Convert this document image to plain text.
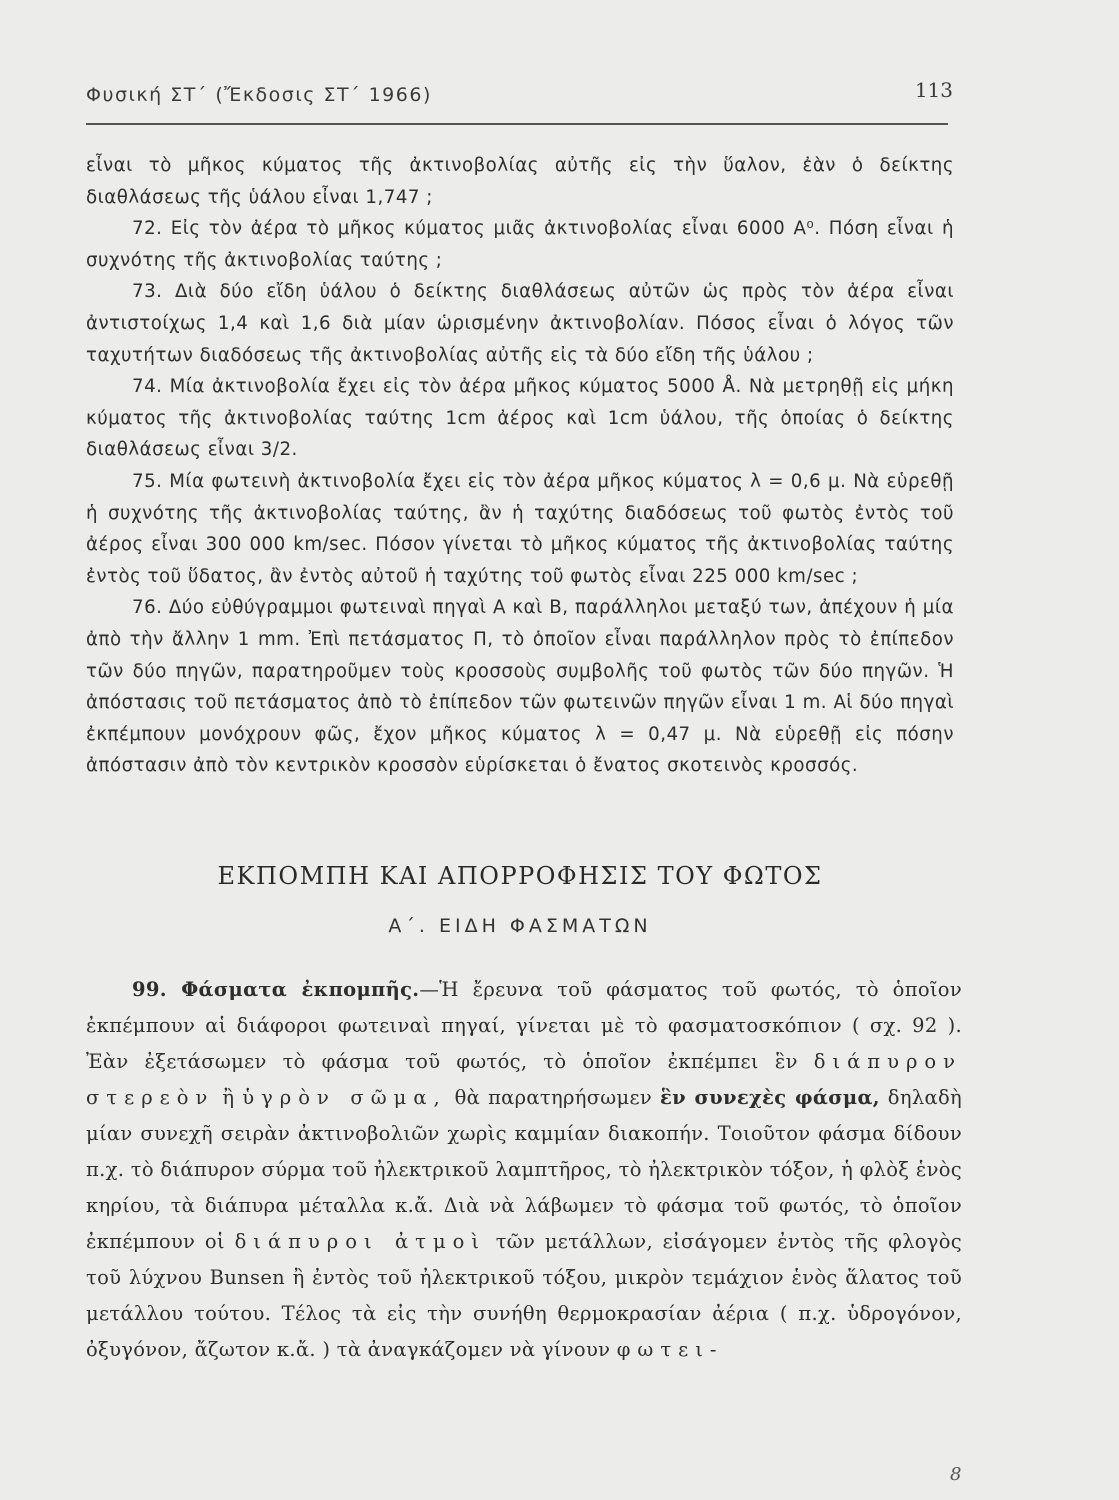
Φυσική ΣΤ΄ (Ἔκδοσις ΣΤ΄ 1966)	113

εἶναι τὸ μῆκος κύματος τῆς ἀκτινοβολίας αὐτῆς εἰς τὴν ὕαλον, ἐὰν ὁ δείκτης διαθλάσεως τῆς ὑάλου εἶναι 1,747 ;

72. Εἰς τὸν ἀέρα τὸ μῆκος κύματος μιᾶς ἀκτινοβολίας εἶναι 6000 Α⁰. Πόση εἶναι ἡ συχνότης τῆς ἀκτινοβολίας ταύτης ;

73. Διὰ δύο εἴδη ὑάλου ὁ δείκτης διαθλάσεως αὐτῶν ὡς πρὸς τὸν ἀέρα εἶναι ἀντιστοίχως 1,4 καὶ 1,6 διὰ μίαν ὡρισμένην ἀκτινοβολίαν. Πόσος εἶναι ὁ λόγος τῶν ταχυτήτων διαδόσεως τῆς ἀκτινοβολίας αὐτῆς εἰς τὰ δύο εἴδη τῆς ὑάλου ;

74. Μία ἀκτινοβολία ἔχει εἰς τὸν ἀέρα μῆκος κύματος 5000 Å. Νὰ μετρηθῇ εἰς μήκη κύματος τῆς ἀκτινοβολίας ταύτης 1cm ἀέρος καὶ 1cm ὑάλου, τῆς ὁποίας ὁ δείκτης διαθλάσεως εἶναι 3/2.

75. Μία φωτεινὴ ἀκτινοβολία ἔχει εἰς τὸν ἀέρα μῆκος κύματος λ = 0,6 μ. Νὰ εὑρεθῇ ἡ συχνότης τῆς ἀκτινοβολίας ταύτης, ἂν ἡ ταχύτης διαδόσεως τοῦ φωτὸς ἐντὸς τοῦ ἀέρος εἶναι 300 000 km/sec. Πόσον γίνεται τὸ μῆκος κύματος τῆς ἀκτινοβολίας ταύτης ἐντὸς τοῦ ὕδατος, ἂν ἐντὸς αὐτοῦ ἡ ταχύτης τοῦ φωτὸς εἶναι 225 000 km/sec ;

76. Δύο εὐθύγραμμοι φωτειναὶ πηγαὶ Α καὶ Β, παράλληλοι μεταξύ των, ἀπέχουν ἡ μία ἀπὸ τὴν ἄλλην 1 mm. Ἐπὶ πετάσματος Π, τὸ ὁποῖον εἶναι παράλληλον πρὸς τὸ ἐπίπεδον τῶν δύο πηγῶν, παρατηροῦμεν τοὺς κροσσοὺς συμβολῆς τοῦ φωτὸς τῶν δύο πηγῶν. Ἡ ἀπόστασις τοῦ πετάσματος ἀπὸ τὸ ἐπίπεδον τῶν φωτεινῶν πηγῶν εἶναι 1 m. Αἱ δύο πηγαὶ ἐκπέμπουν μονόχρουν φῶς, ἔχον μῆκος κύματος λ = 0,47 μ. Νὰ εὑρεθῇ εἰς πόσην ἀπόστασιν ἀπὸ τὸν κεντρικὸν κροσσὸν εὑρίσκεται ὁ ἔνατος σκοτεινὸς κροσσός.

ΕΚΠΟΜΠΗ ΚΑΙ ΑΠΟΡΡΟΦΗΣΙΣ ΤΟΥ ΦΩΤΟΣ
Α΄. ΕΙΔΗ ΦΑΣΜΑΤΩΝ

99. Φάσματα ἐκπομπῆς.—Ἡ ἔρευνα τοῦ φάσματος τοῦ φωτός, τὸ ὁποῖον ἐκπέμπουν αἱ διάφοροι φωτειναὶ πηγαί, γίνεται μὲ τὸ φασματοσκόπιον ( σχ. 92 ). Ἐὰν ἐξετάσωμεν τὸ φάσμα τοῦ φωτός, τὸ ὁποῖον ἐκπέμπει ἓν διάπυρον στερεὸν ἢ ὑγρὸν σῶμα, θὰ παρατηρήσωμεν ἓν συνεχὲς φάσμα, δηλαδὴ μίαν συνεχῆ σειρὰν ἀκτινοβολιῶν χωρὶς καμμίαν διακοπήν. Τοιοῦτον φάσμα δίδουν π.χ. τὸ διάπυρον σύρμα τοῦ ἠλεκτρικοῦ λαμπτῆρος, τὸ ἠλεκτρικὸν τόξον, ἡ φλὸξ ἑνὸς κηρίου, τὰ διάπυρα μέταλλα κ.ἄ. Διὰ νὰ λάβωμεν τὸ φάσμα τοῦ φωτός, τὸ ὁποῖον ἐκπέμπουν οἱ διάπυροι ἀτμοὶ τῶν μετάλλων, εἰσάγομεν ἐντὸς τῆς φλογὸς τοῦ λύχνου Bunsen ἢ ἐντὸς τοῦ ἠλεκτρικοῦ τόξου, μικρὸν τεμάχιον ἑνὸς ἅλατος τοῦ μετάλλου τούτου. Τέλος τὰ εἰς τὴν συνήθη θερμοκρασίαν ἀέρια ( π.χ. ὑδρογόνον, ὀξυγόνον, ἄζωτον κ.ἄ. ) τὰ ἀναγκάζομεν νὰ γίνουν φωτει-

8
